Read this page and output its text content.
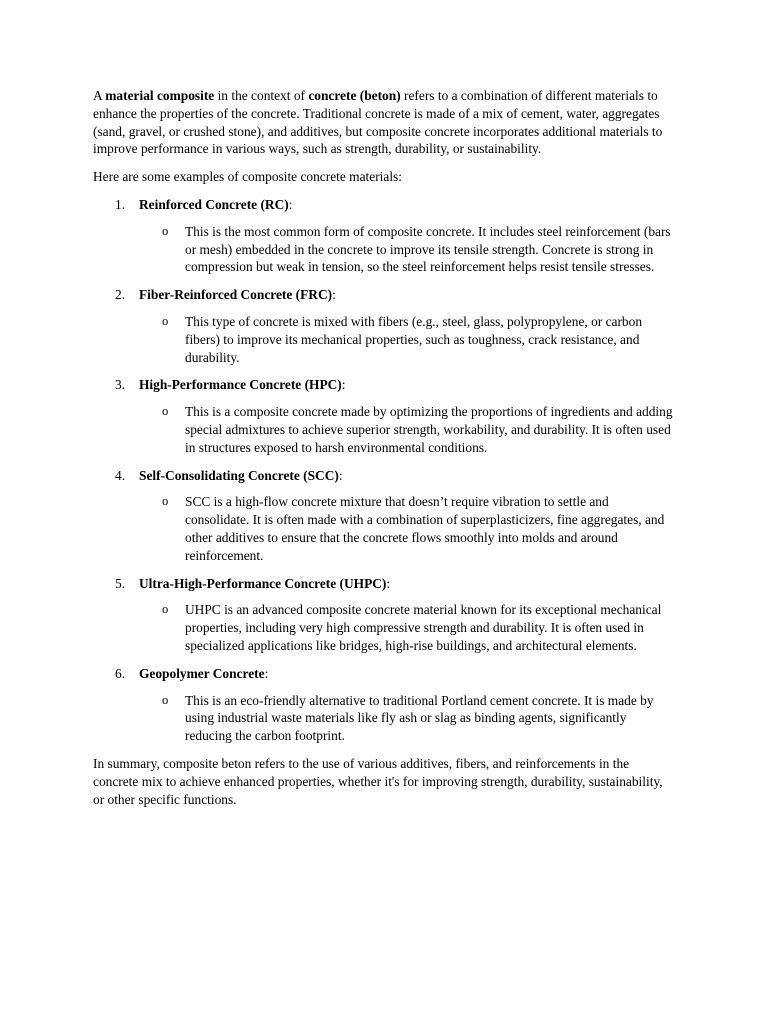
A material composite in the context of concrete (beton) refers to a combination of different materials to enhance the properties of the concrete. Traditional concrete is made of a mix of cement, water, aggregates (sand, gravel, or crushed stone), and additives, but composite concrete incorporates additional materials to improve performance in various ways, such as strength, durability, or sustainability.

Here are some examples of composite concrete materials:

1. Reinforced Concrete (RC):
o This is the most common form of composite concrete. It includes steel reinforcement (bars or mesh) embedded in the concrete to improve its tensile strength. Concrete is strong in compression but weak in tension, so the steel reinforcement helps resist tensile stresses.
2. Fiber-Reinforced Concrete (FRC):
o This type of concrete is mixed with fibers (e.g., steel, glass, polypropylene, or carbon fibers) to improve its mechanical properties, such as toughness, crack resistance, and durability.
3. High-Performance Concrete (HPC):
o This is a composite concrete made by optimizing the proportions of ingredients and adding special admixtures to achieve superior strength, workability, and durability. It is often used in structures exposed to harsh environmental conditions.
4. Self-Consolidating Concrete (SCC):
o SCC is a high-flow concrete mixture that doesn’t require vibration to settle and consolidate. It is often made with a combination of superplasticizers, fine aggregates, and other additives to ensure that the concrete flows smoothly into molds and around reinforcement.
5. Ultra-High-Performance Concrete (UHPC):
o UHPC is an advanced composite concrete material known for its exceptional mechanical properties, including very high compressive strength and durability. It is often used in specialized applications like bridges, high-rise buildings, and architectural elements.
6. Geopolymer Concrete:
o This is an eco-friendly alternative to traditional Portland cement concrete. It is made by using industrial waste materials like fly ash or slag as binding agents, significantly reducing the carbon footprint.

In summary, composite beton refers to the use of various additives, fibers, and reinforcements in the concrete mix to achieve enhanced properties, whether it's for improving strength, durability, sustainability, or other specific functions.
